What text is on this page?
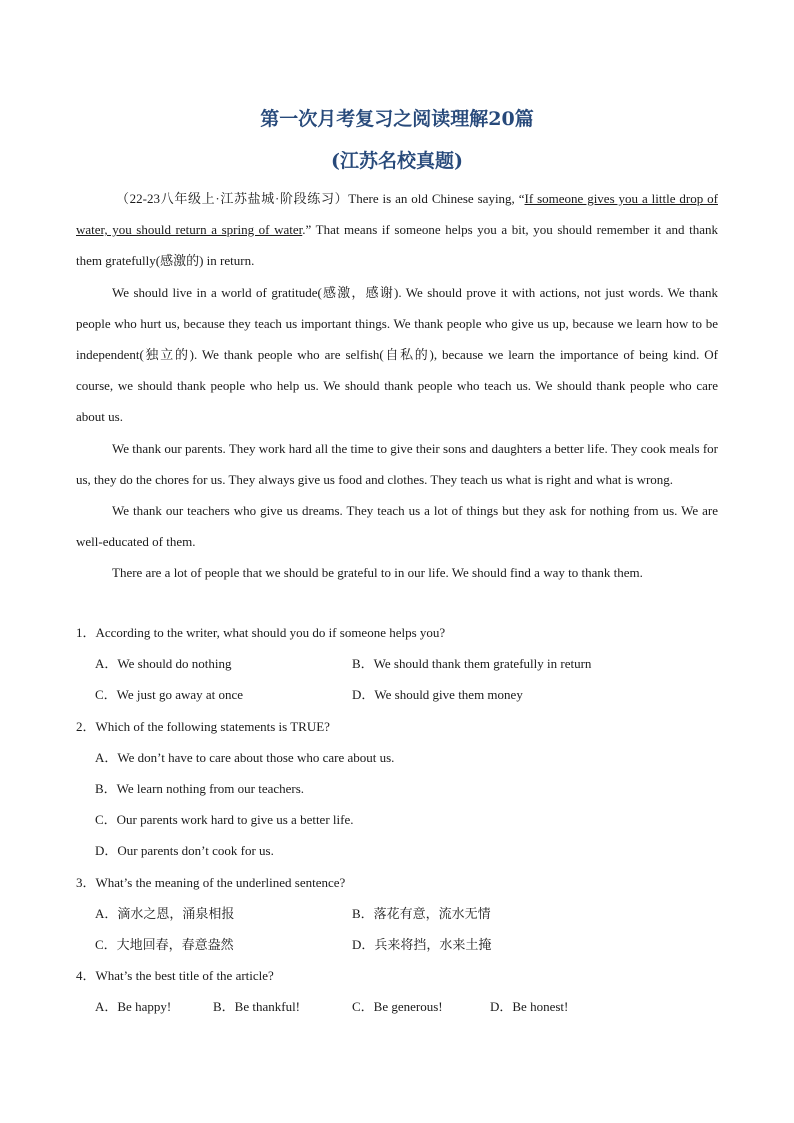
第一次月考复习之阅读理解20篇
(江苏名校真题)

（22-23八年级上·江苏盐城·阶段练习）There is an old Chinese saying, “If someone gives you a little drop of water, you should return a spring of water.” That means if someone helps you a bit, you should remember it and thank them gratefully(感激的) in return.

We should live in a world of gratitude(感激，感谢). We should prove it with actions, not just words. We thank people who hurt us, because they teach us important things. We thank people who give us up, because we learn how to be independent(独立的). We thank people who are selfish(自私的), because we learn the importance of being kind. Of course, we should thank people who help us. We should thank people who teach us. We should thank people who care about us.

We thank our parents. They work hard all the time to give their sons and daughters a better life. They cook meals for us, they do the chores for us. They always give us food and clothes. They teach us what is right and what is wrong.

We thank our teachers who give us dreams. They teach us a lot of things but they ask for nothing from us. We are well-educated of them.

There are a lot of people that we should be grateful to in our life. We should find a way to thank them.

1．According to the writer, what should you do if someone helps you?

A．We should do nothing	B．We should thank them gratefully in return
C．We just go away at once	D．We should give them money

2．Which of the following statements is TRUE?

A．We don’t have to care about those who care about us.
B．We learn nothing from our teachers.
C．Our parents work hard to give us a better life.
D．Our parents don’t cook for us.

3．What’s the meaning of the underlined sentence?

A．滴水之恩，涌泉相报	B．落花有意，流水无情
C．大地回春，春意盎然	D．兵来将挡，水来土掩

4．What’s the best title of the article?

A．Be happy!	B．Be thankful!	C．Be generous!	D．Be honest!
